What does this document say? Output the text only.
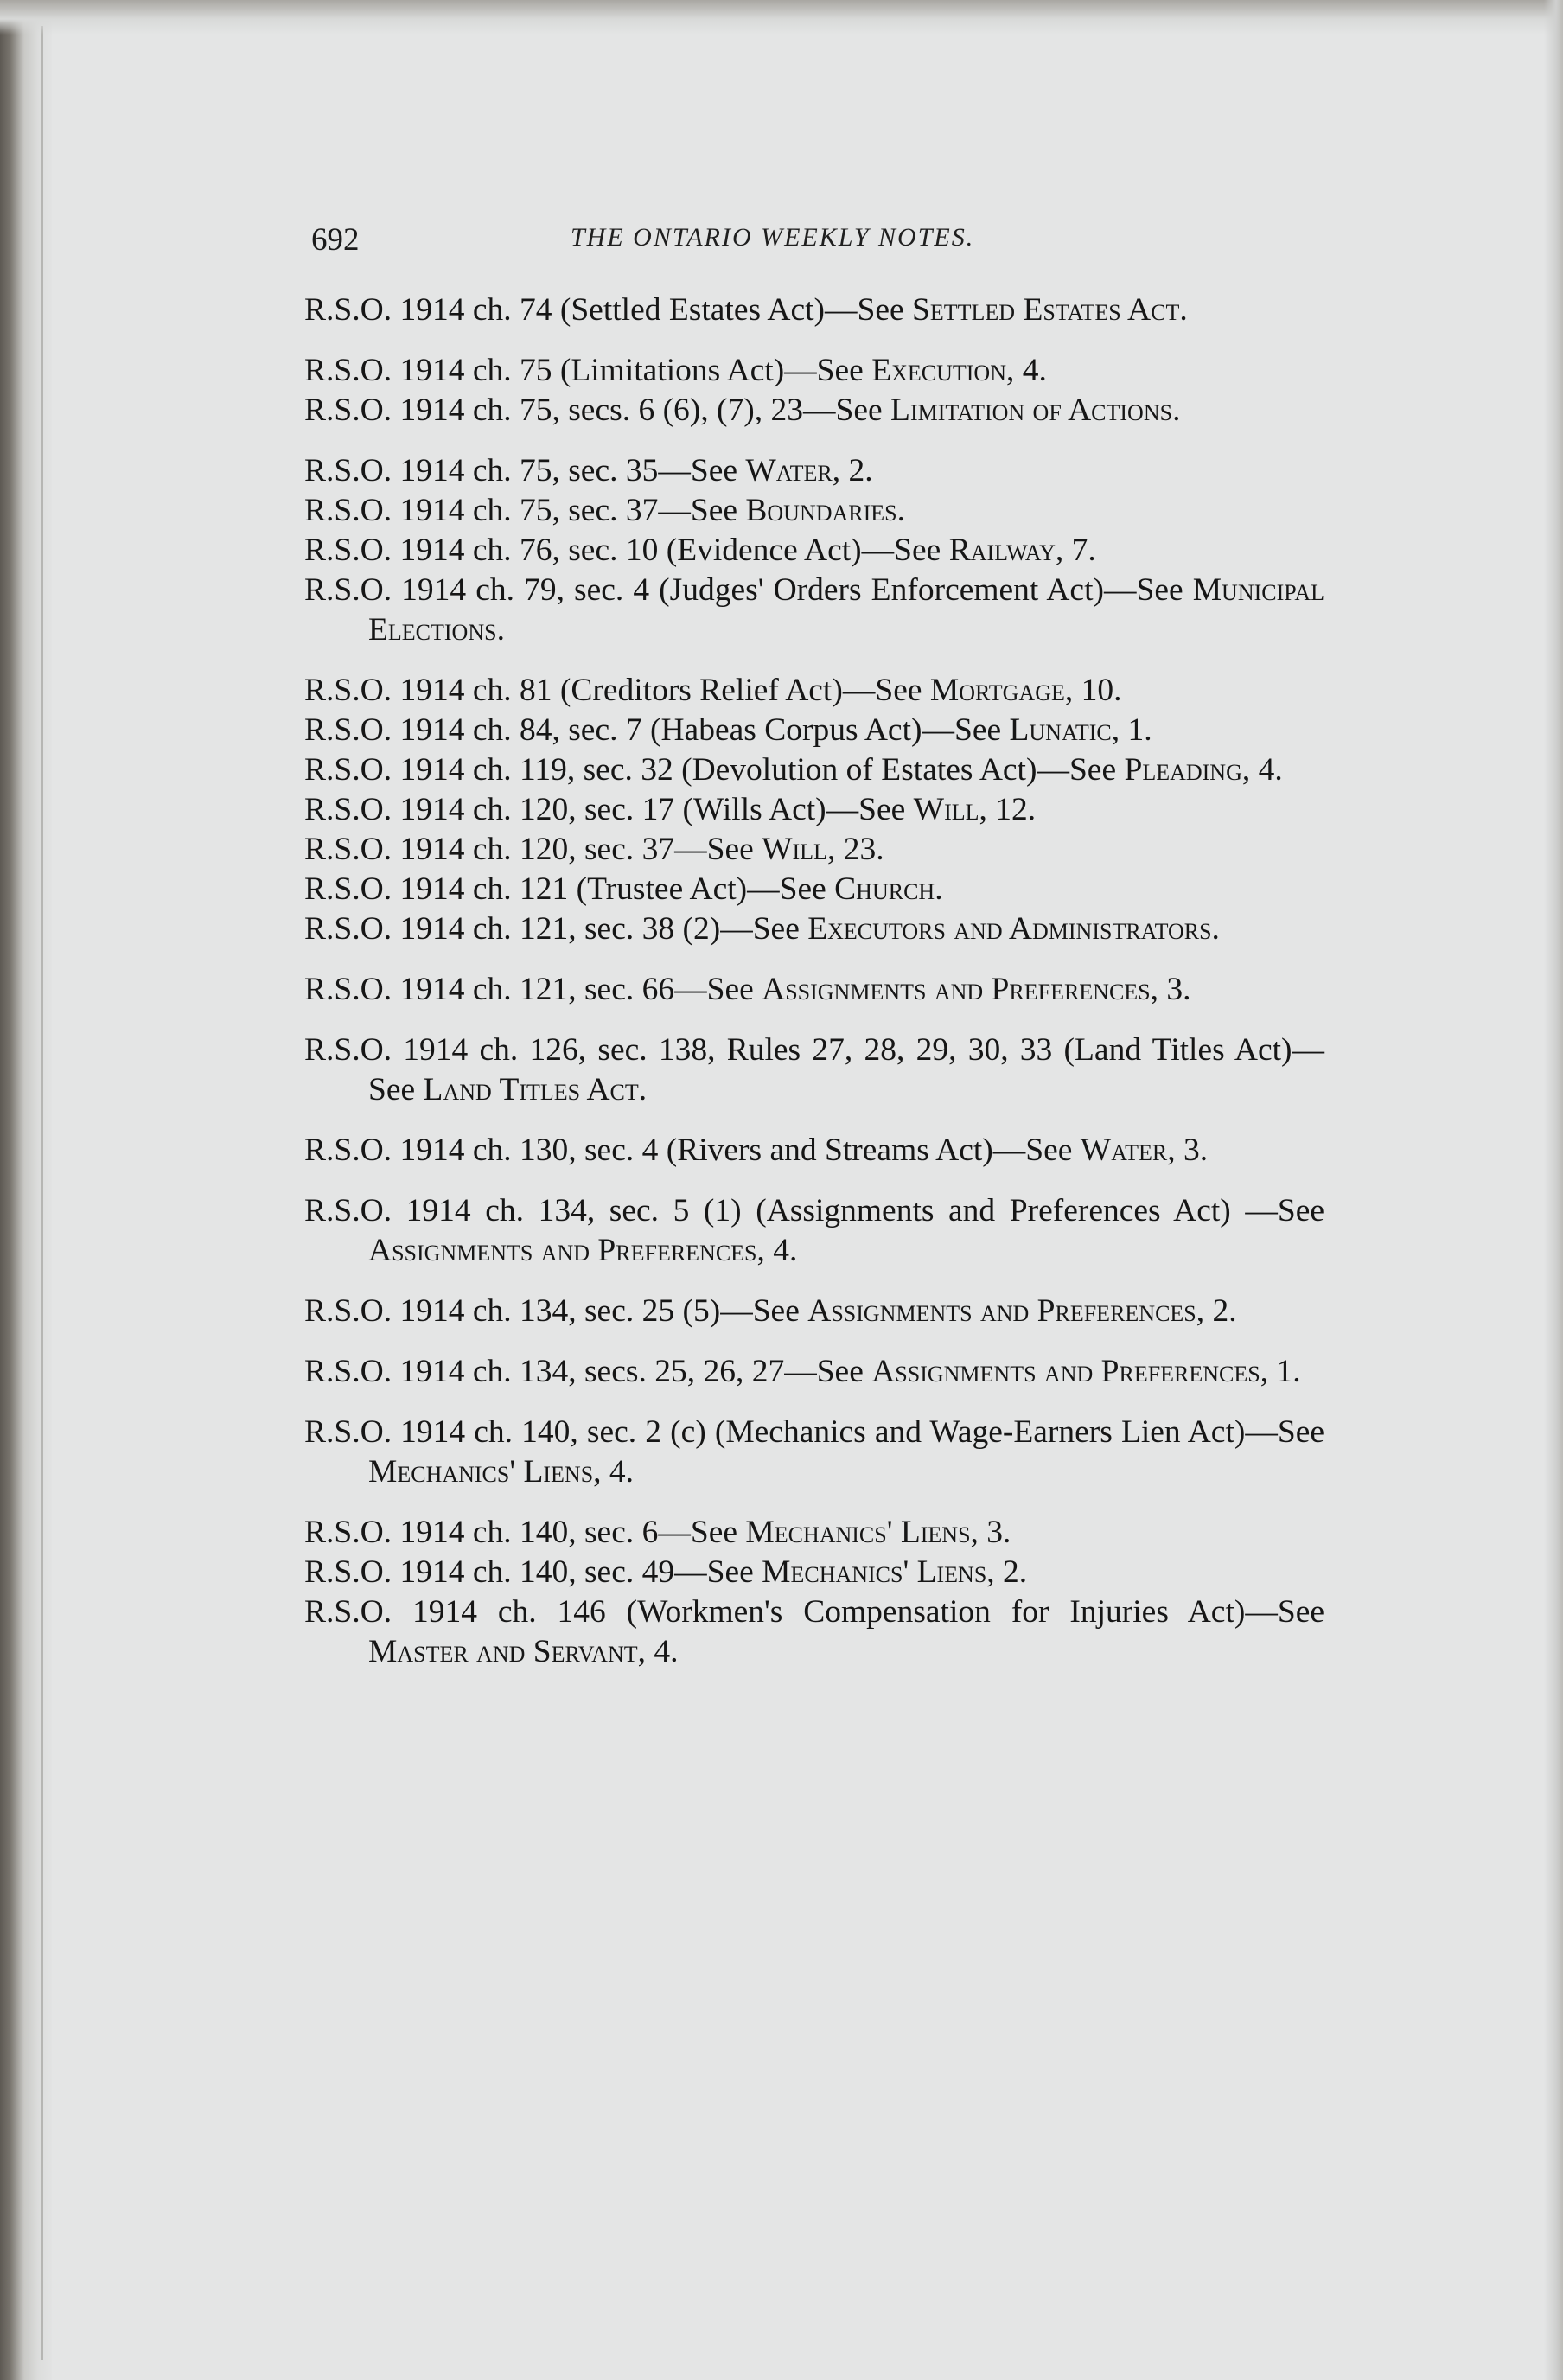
692	THE ONTARIO WEEKLY NOTES.
R.S.O. 1914 ch. 74 (Settled Estates Act)—See Settled Estates Act.
R.S.O. 1914 ch. 75 (Limitations Act)—See Execution, 4.
R.S.O. 1914 ch. 75, secs. 6 (6), (7), 23—See Limitation of Actions.
R.S.O. 1914 ch. 75, sec. 35—See Water, 2.
R.S.O. 1914 ch. 75, sec. 37—See Boundaries.
R.S.O. 1914 ch. 76, sec. 10 (Evidence Act)—See Railway, 7.
R.S.O. 1914 ch. 79, sec. 4 (Judges' Orders Enforcement Act)—See Municipal Elections.
R.S.O. 1914 ch. 81 (Creditors Relief Act)—See Mortgage, 10.
R.S.O. 1914 ch. 84, sec. 7 (Habeas Corpus Act)—See Lunatic, 1.
R.S.O. 1914 ch. 119, sec. 32 (Devolution of Estates Act)—See Pleading, 4.
R.S.O. 1914 ch. 120, sec. 17 (Wills Act)—See Will, 12.
R.S.O. 1914 ch. 120, sec. 37—See Will, 23.
R.S.O. 1914 ch. 121 (Trustee Act)—See Church.
R.S.O. 1914 ch. 121, sec. 38 (2)—See Executors and Administrators.
R.S.O. 1914 ch. 121, sec. 66—See Assignments and Preferences, 3.
R.S.O. 1914 ch. 126, sec. 138, Rules 27, 28, 29, 30, 33 (Land Titles Act)—See Land Titles Act.
R.S.O. 1914 ch. 130, sec. 4 (Rivers and Streams Act)—See Water, 3.
R.S.O. 1914 ch. 134, sec. 5 (1) (Assignments and Preferences Act) —See Assignments and Preferences, 4.
R.S.O. 1914 ch. 134, sec. 25 (5)—See Assignments and Preferences, 2.
R.S.O. 1914 ch. 134, secs. 25, 26, 27—See Assignments and Preferences, 1.
R.S.O. 1914 ch. 140, sec. 2 (c) (Mechanics and Wage-Earners Lien Act)—See Mechanics' Liens, 4.
R.S.O. 1914 ch. 140, sec. 6—See Mechanics' Liens, 3.
R.S.O. 1914 ch. 140, sec. 49—See Mechanics' Liens, 2.
R.S.O. 1914 ch. 146 (Workmen's Compensation for Injuries Act)—See Master and Servant, 4.
